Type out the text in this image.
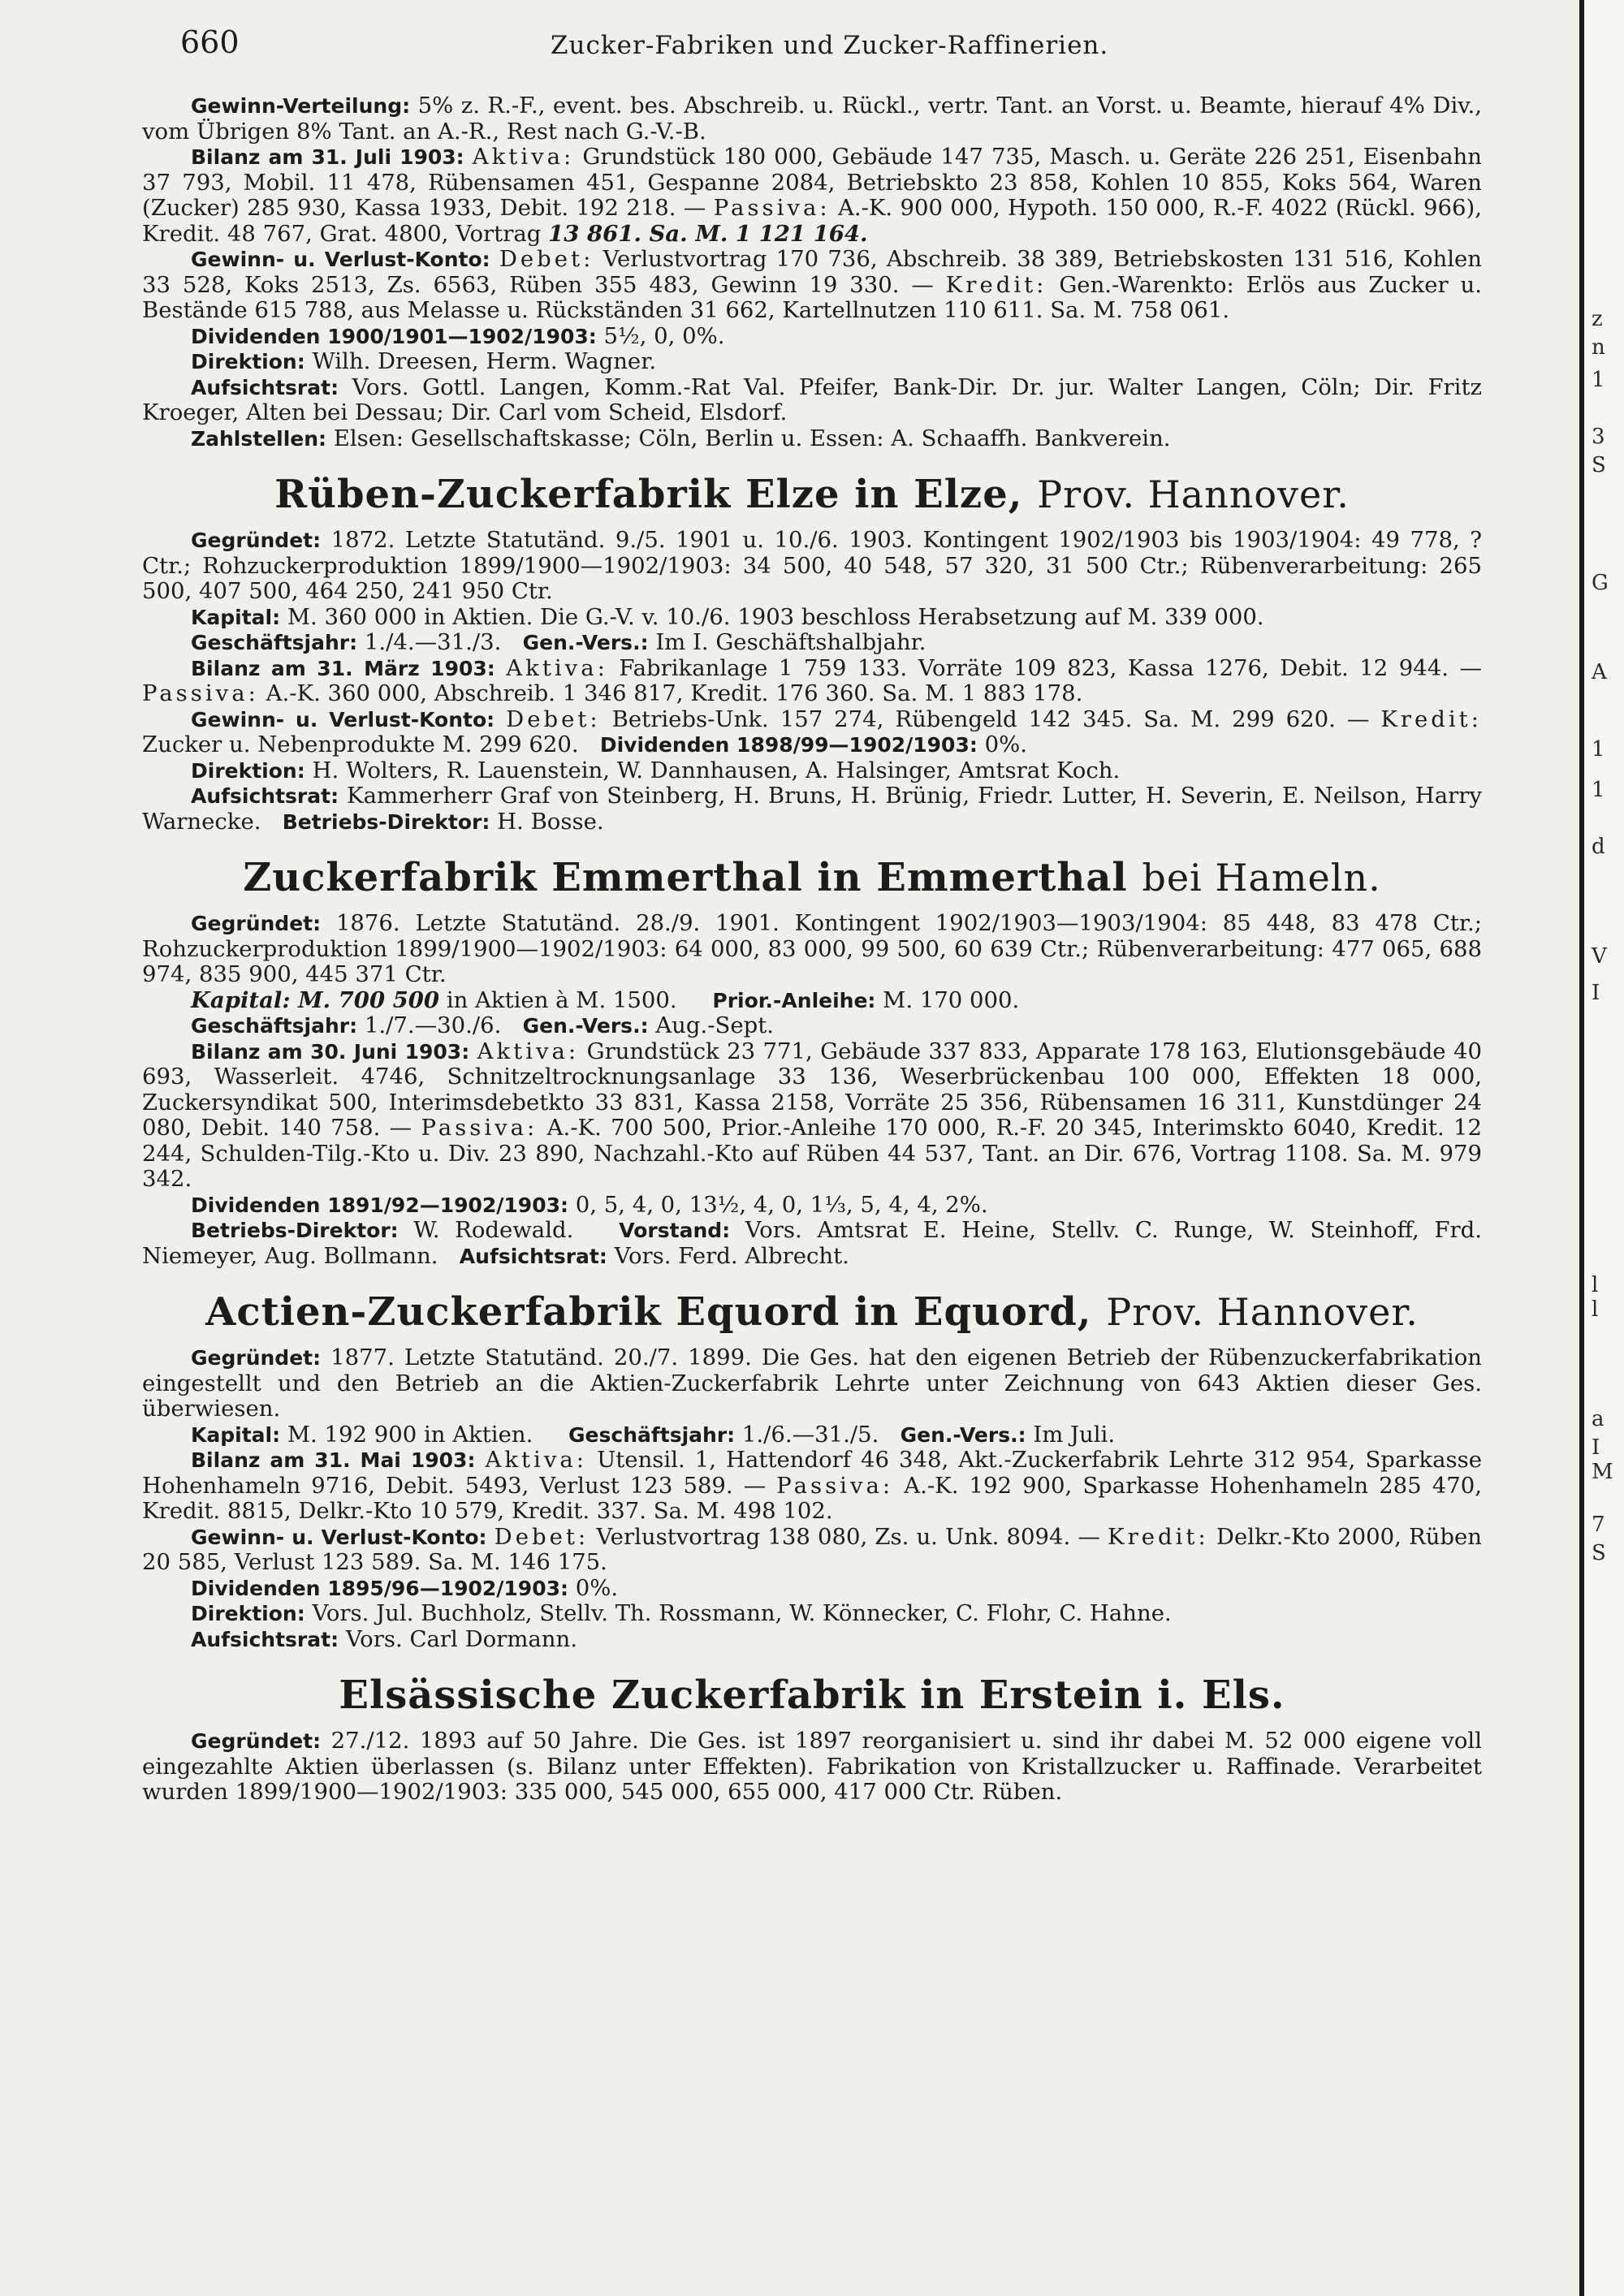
660	Zucker-Fabriken und Zucker-Raffinerien.

Gewinn-Verteilung: 5% z. R.-F., event. bes. Abschreib. u. Rückl., vertr. Tant. an Vorst. u. Beamte, hierauf 4% Div., vom Übrigen 8% Tant. an A.-R., Rest nach G.-V.-B.

Bilanz am 31. Juli 1903: Aktiva: Grundstück 180 000, Gebäude 147 735, Masch. u. Geräte 226 251, Eisenbahn 37 793, Mobil. 11 478, Rübensamen 451, Gespanne 2084, Betriebskto 23 858, Kohlen 10 855, Koks 564, Waren (Zucker) 285 930, Kassa 1933, Debit. 192 218. — Passiva: A.-K. 900 000, Hypoth. 150 000, R.-F. 4022 (Rückl. 966), Kredit. 48 767, Grat. 4800, Vortrag 13 861. Sa. M. 1 121 164.

Gewinn- u. Verlust-Konto: Debet: Verlustvortrag 170 736, Abschreib. 38 389, Betriebskosten 131 516, Kohlen 33 528, Koks 2513, Zs. 6563, Rüben 355 483, Gewinn 19 330. — Kredit: Gen.-Warenkto: Erlös aus Zucker u. Bestände 615 788, aus Melasse u. Rückständen 31 662, Kartellnutzen 110 611. Sa. M. 758 061.

Dividenden 1900/1901—1902/1903: 5½, 0, 0%.

Direktion: Wilh. Dreesen, Herm. Wagner.

Aufsichtsrat: Vors. Gottl. Langen, Komm.-Rat Val. Pfeifer, Bank-Dir. Dr. jur. Walter Langen, Cöln; Dir. Fritz Kroeger, Alten bei Dessau; Dir. Carl vom Scheid, Elsdorf.

Zahlstellen: Elsen: Gesellschaftskasse; Cöln, Berlin u. Essen: A. Schaaffh. Bankverein.

Rüben-Zuckerfabrik Elze in Elze, Prov. Hannover.

Gegründet: 1872. Letzte Statutänd. 9./5. 1901 u. 10./6. 1903. Kontingent 1902/1903 bis 1903/1904: 49 778, ? Ctr.; Rohzuckerproduktion 1899/1900—1902/1903: 34 500, 40 548, 57 320, 31 500 Ctr.; Rübenverarbeitung: 265 500, 407 500, 464 250, 241 950 Ctr.

Kapital: M. 360 000 in Aktien. Die G.-V. v. 10./6. 1903 beschloss Herabsetzung auf M. 339 000.

Geschäftsjahr: 1./4.—31./3. Gen.-Vers.: Im I. Geschäftshalbjahr.

Bilanz am 31. März 1903: Aktiva: Fabrikanlage 1 759 133. Vorräte 109 823, Kassa 1276, Debit. 12 944. — Passiva: A.-K. 360 000, Abschreib. 1 346 817, Kredit. 176 360. Sa. M. 1 883 178.

Gewinn- u. Verlust-Konto: Debet: Betriebs-Unk. 157 274, Rübengeld 142 345. Sa. M. 299 620. — Kredit: Zucker u. Nebenprodukte M. 299 620. Dividenden 1898/99—1902/1903: 0%.

Direktion: H. Wolters, R. Lauenstein, W. Dannhausen, A. Halsinger, Amtsrat Koch.

Aufsichtsrat: Kammerherr Graf von Steinberg, H. Bruns, H. Brünig, Friedr. Lutter, H. Severin, E. Neilson, Harry Warnecke. Betriebs-Direktor: H. Bosse.

Zuckerfabrik Emmerthal in Emmerthal bei Hameln.

Gegründet: 1876. Letzte Statutänd. 28./9. 1901. Kontingent 1902/1903—1903/1904: 85 448, 83 478 Ctr.; Rohzuckerproduktion 1899/1900—1902/1903: 64 000, 83 000, 99 500, 60 639 Ctr.; Rübenverarbeitung: 477 065, 688 974, 835 900, 445 371 Ctr.

Kapital: M. 700 500 in Aktien à M. 1500. Prior.-Anleihe: M. 170 000.

Geschäftsjahr: 1./7.—30./6. Gen.-Vers.: Aug.-Sept.

Bilanz am 30. Juni 1903: Aktiva: Grundstück 23 771, Gebäude 337 833, Apparate 178 163, Elutionsgebäude 40 693, Wasserleit. 4746, Schnitzeltrocknungsanlage 33 136, Weserbrückenbau 100 000, Effekten 18 000, Zuckersyndikat 500, Interimsdebetkto 33 831, Kassa 2158, Vorräte 25 356, Rübensamen 16 311, Kunstdünger 24 080, Debit. 140 758. — Passiva: A.-K. 700 500, Prior.-Anleihe 170 000, R.-F. 20 345, Interimskto 6040, Kredit. 12 244, Schulden-Tilg.-Kto u. Div. 23 890, Nachzahl.-Kto auf Rüben 44 537, Tant. an Dir. 676, Vortrag 1108. Sa. M. 979 342.

Dividenden 1891/92—1902/1903: 0, 5, 4, 0, 13½, 4, 0, 1⅓, 5, 4, 4, 2%.

Betriebs-Direktor: W. Rodewald. Vorstand: Vors. Amtsrat E. Heine, Stellv. C. Runge, W. Steinhoff, Frd. Niemeyer, Aug. Bollmann. Aufsichtsrat: Vors. Ferd. Albrecht.

Actien-Zuckerfabrik Equord in Equord, Prov. Hannover.

Gegründet: 1877. Letzte Statutänd. 20./7. 1899. Die Ges. hat den eigenen Betrieb der Rübenzuckerfabrikation eingestellt und den Betrieb an die Aktien-Zuckerfabrik Lehrte unter Zeichnung von 643 Aktien dieser Ges. überwiesen.

Kapital: M. 192 900 in Aktien. Geschäftsjahr: 1./6.—31./5. Gen.-Vers.: Im Juli.

Bilanz am 31. Mai 1903: Aktiva: Utensil. 1, Hattendorf 46 348, Akt.-Zuckerfabrik Lehrte 312 954, Sparkasse Hohenhameln 9716, Debit. 5493, Verlust 123 589. — Passiva: A.-K. 192 900, Sparkasse Hohenhameln 285 470, Kredit. 8815, Delkr.-Kto 10 579, Kredit. 337. Sa. M. 498 102.

Gewinn- u. Verlust-Konto: Debet: Verlustvortrag 138 080, Zs. u. Unk. 8094. — Kredit: Delkr.-Kto 2000, Rüben 20 585, Verlust 123 589. Sa. M. 146 175.

Dividenden 1895/96—1902/1903: 0%.

Direktion: Vors. Jul. Buchholz, Stellv. Th. Rossmann, W. Könnecker, C. Flohr, C. Hahne.

Aufsichtsrat: Vors. Carl Dormann.

Elsässische Zuckerfabrik in Erstein i. Els.

Gegründet: 27./12. 1893 auf 50 Jahre. Die Ges. ist 1897 reorganisiert u. sind ihr dabei M. 52 000 eigene voll eingezahlte Aktien überlassen (s. Bilanz unter Effekten). Fabrikation von Kristallzucker u. Raffinade. Verarbeitet wurden 1899/1900—1902/1903: 335 000, 545 000, 655 000, 417 000 Ctr. Rüben.

z
n
1
3
S
G
A
1
1
d
V
I
l
l
a
I
M
7
S
